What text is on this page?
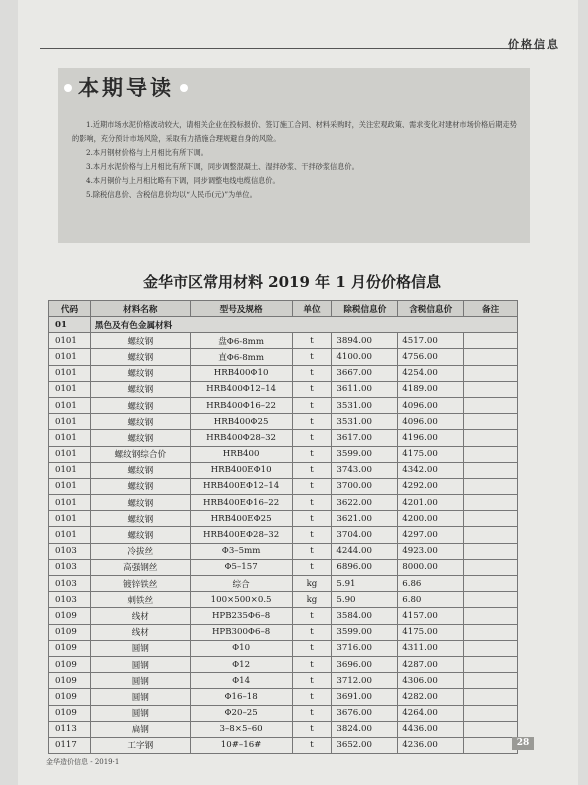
价格信息
本期导读

1.近期市场水泥价格波动较大，请相关企业在投标报价、签订施工合同、材料采购时，关注宏观政策、需求变化对建材市场价格后期走势的影响，充分预计市场风险，采取有力措施合理规避自身的风险。

2.本月钢材价格与上月相比有所下调。

3.本月水泥价格与上月相比有所下调，同步调整混凝土、湿拌砂浆、干拌砂浆信息价。

4.本月铜价与上月相比略有下调，同步调整电线电缆信息价。

5.除税信息价、含税信息价均以“人民币(元)”为单位。

金华市区常用材料 2019 年 1 月份价格信息
代码	材料名称	型号及规格	单位	除税信息价	含税信息价	备注
01	黑色及有色金属材料					
0101	螺纹钢	盘Φ6-8mm	t	3894.00	4517.00	
0101	螺纹钢	直Φ6-8mm	t	4100.00	4756.00	
0101	螺纹钢	HRB400Φ10	t	3667.00	4254.00	
0101	螺纹钢	HRB400Φ12–14	t	3611.00	4189.00	
0101	螺纹钢	HRB400Φ16–22	t	3531.00	4096.00	
0101	螺纹钢	HRB400Φ25	t	3531.00	4096.00	
0101	螺纹钢	HRB400Φ28–32	t	3617.00	4196.00	
0101	螺纹钢综合价	HRB400	t	3599.00	4175.00	
0101	螺纹钢	HRB400EΦ10	t	3743.00	4342.00	
0101	螺纹钢	HRB400EΦ12–14	t	3700.00	4292.00	
0101	螺纹钢	HRB400EΦ16–22	t	3622.00	4201.00	
0101	螺纹钢	HRB400EΦ25	t	3621.00	4200.00	
0101	螺纹钢	HRB400EΦ28–32	t	3704.00	4297.00	
0103	冷拔丝	Φ3–5mm	t	4244.00	4923.00	
0103	高强钢丝	Φ5–157	t	6896.00	8000.00	
0103	镀锌铁丝	综合	kg	5.91	6.86	
0103	刺铁丝	100×500×0.5	kg	5.90	6.80	
0109	线材	HPB235Φ6–8	t	3584.00	4157.00	
0109	线材	HPB300Φ6–8	t	3599.00	4175.00	
0109	圆钢	Φ10	t	3716.00	4311.00	
0109	圆钢	Φ12	t	3696.00	4287.00	
0109	圆钢	Φ14	t	3712.00	4306.00	
0109	圆钢	Φ16–18	t	3691.00	4282.00	
0109	圆钢	Φ20–25	t	3676.00	4264.00	
0113	扁钢	3–8×5–60	t	3824.00	4436.00	
0117	工字钢	10#–16#	t	3652.00	4236.00	
金华造价信息 - 2019·1
28
